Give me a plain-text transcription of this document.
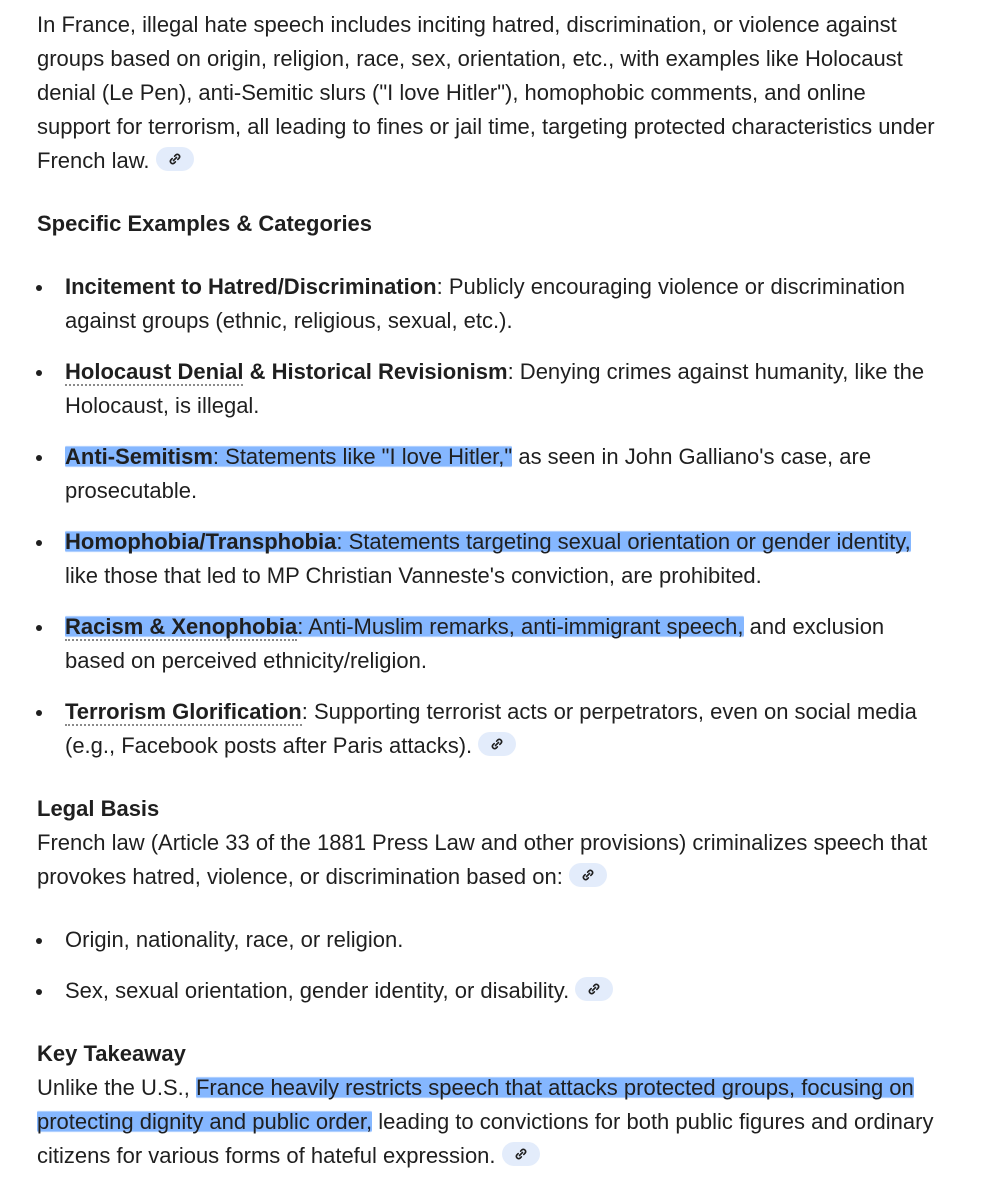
In France, illegal hate speech includes inciting hatred, discrimination, or violence against groups based on origin, religion, race, sex, orientation, etc., with examples like Holocaust denial (Le Pen), anti-Semitic slurs ("I love Hitler"), homophobic comments, and online support for terrorism, all leading to fines or jail time, targeting protected characteristics under French law.

Specific Examples & Categories
Incitement to Hatred/Discrimination: Publicly encouraging violence or discrimination against groups (ethnic, religious, sexual, etc.).
Holocaust Denial & Historical Revisionism: Denying crimes against humanity, like the Holocaust, is illegal.
Anti-Semitism: Statements like "I love Hitler," as seen in John Galliano's case, are prosecutable.
Homophobia/Transphobia: Statements targeting sexual orientation or gender identity, like those that led to MP Christian Vanneste's conviction, are prohibited.
Racism & Xenophobia: Anti-Muslim remarks, anti-immigrant speech, and exclusion based on perceived ethnicity/religion.
Terrorism Glorification: Supporting terrorist acts or perpetrators, even on social media (e.g., Facebook posts after Paris attacks).
Legal Basis

French law (Article 33 of the 1881 Press Law and other provisions) criminalizes speech that provokes hatred, violence, or discrimination based on:

Origin, nationality, race, or religion.
Sex, sexual orientation, gender identity, or disability.
Key Takeaway

Unlike the U.S., France heavily restricts speech that attacks protected groups, focusing on protecting dignity and public order, leading to convictions for both public figures and ordinary citizens for various forms of hateful expression.
